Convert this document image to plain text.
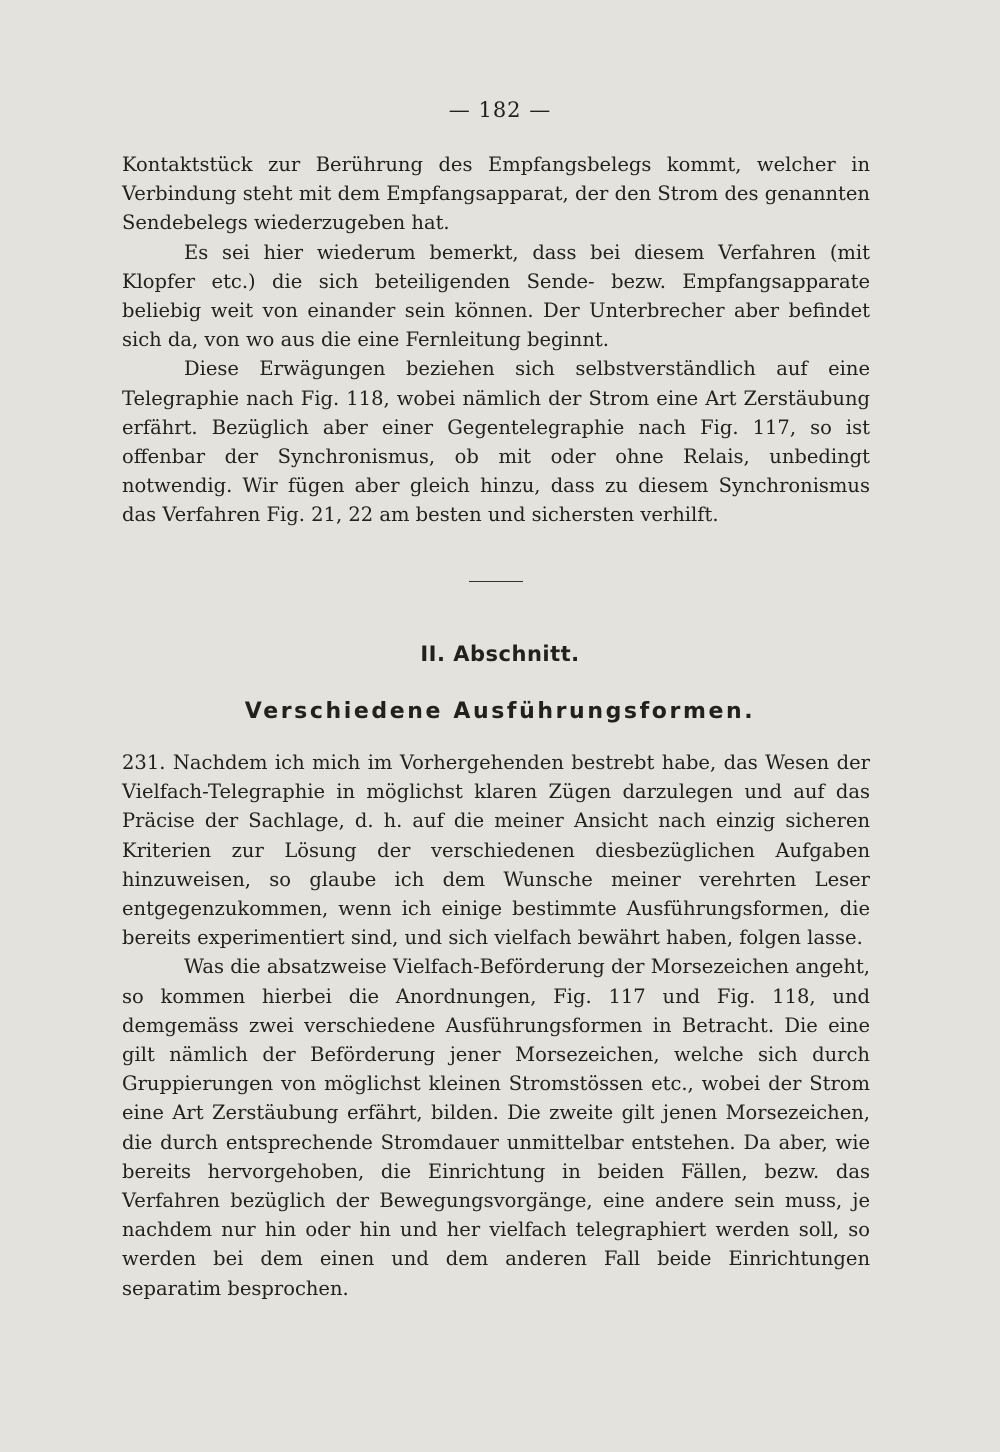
— 182 —

Kontaktstück zur Berührung des Empfangsbelegs kommt, welcher in Verbindung steht mit dem Empfangsapparat, der den Strom des genannten Sendebelegs wiederzugeben hat.

Es sei hier wiederum bemerkt, dass bei diesem Verfahren (mit Klopfer etc.) die sich beteiligenden Sende- bezw. Empfangsapparate beliebig weit von einander sein können. Der Unterbrecher aber befindet sich da, von wo aus die eine Fernleitung beginnt.

Diese Erwägungen beziehen sich selbstverständlich auf eine Telegraphie nach Fig. 118, wobei nämlich der Strom eine Art Zerstäubung erfährt. Bezüglich aber einer Gegentelegraphie nach Fig. 117, so ist offenbar der Synchronismus, ob mit oder ohne Relais, unbedingt notwendig. Wir fügen aber gleich hinzu, dass zu diesem Synchronismus das Verfahren Fig. 21, 22 am besten und sichersten verhilft.

II. Abschnitt.
Verschiedene Ausführungsformen.

231. Nachdem ich mich im Vorhergehenden bestrebt habe, das Wesen der Vielfach-Telegraphie in möglichst klaren Zügen darzulegen und auf das Präcise der Sachlage, d. h. auf die meiner Ansicht nach einzig sicheren Kriterien zur Lösung der verschiedenen diesbezüglichen Aufgaben hinzuweisen, so glaube ich dem Wunsche meiner verehrten Leser entgegenzukommen, wenn ich einige bestimmte Ausführungsformen, die bereits experimentiert sind, und sich vielfach bewährt haben, folgen lasse.

Was die absatzweise Vielfach-Beförderung der Morsezeichen angeht, so kommen hierbei die Anordnungen, Fig. 117 und Fig. 118, und demgemäss zwei verschiedene Ausführungsformen in Betracht. Die eine gilt nämlich der Beförderung jener Morsezeichen, welche sich durch Gruppierungen von möglichst kleinen Stromstössen etc., wobei der Strom eine Art Zerstäubung erfährt, bilden. Die zweite gilt jenen Morsezeichen, die durch entsprechende Stromdauer unmittelbar entstehen. Da aber, wie bereits hervorgehoben, die Einrichtung in beiden Fällen, bezw. das Verfahren bezüglich der Bewegungsvorgänge, eine andere sein muss, je nachdem nur hin oder hin und her vielfach telegraphiert werden soll, so werden bei dem einen und dem anderen Fall beide Einrichtungen separatim besprochen.
